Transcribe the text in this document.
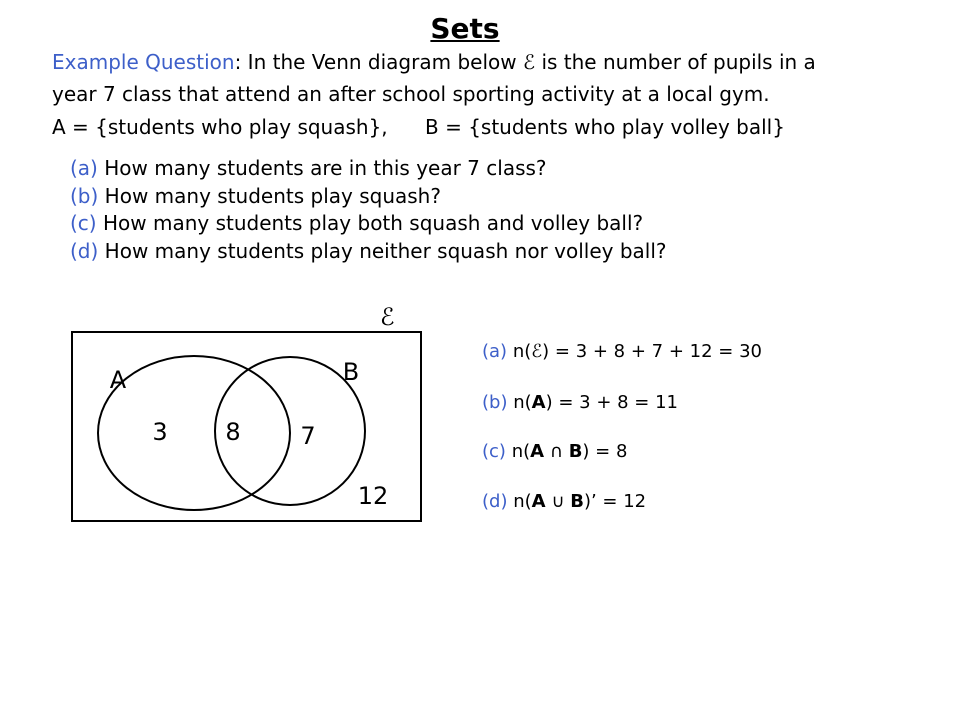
Sets
Example Question: In the Venn diagram below ℰ is the number of pupils in a
year 7 class that attend an after school sporting activity at a local gym.
A = {students who play squash}, B = {students who play volley ball}
(a) How many students are in this year 7 class?
(b) How many students play squash?
(c) How many students play both squash and volley ball?
(d) How many students play neither squash nor volley ball?
ℰ
A	B
3	8	7
12
(a) n(ℰ) = 3 + 8 + 7 + 12 = 30
(b) n(A) = 3 + 8 = 11
(c) n(A ∩ B) = 8
(d) n(A ∪ B)’ = 12
